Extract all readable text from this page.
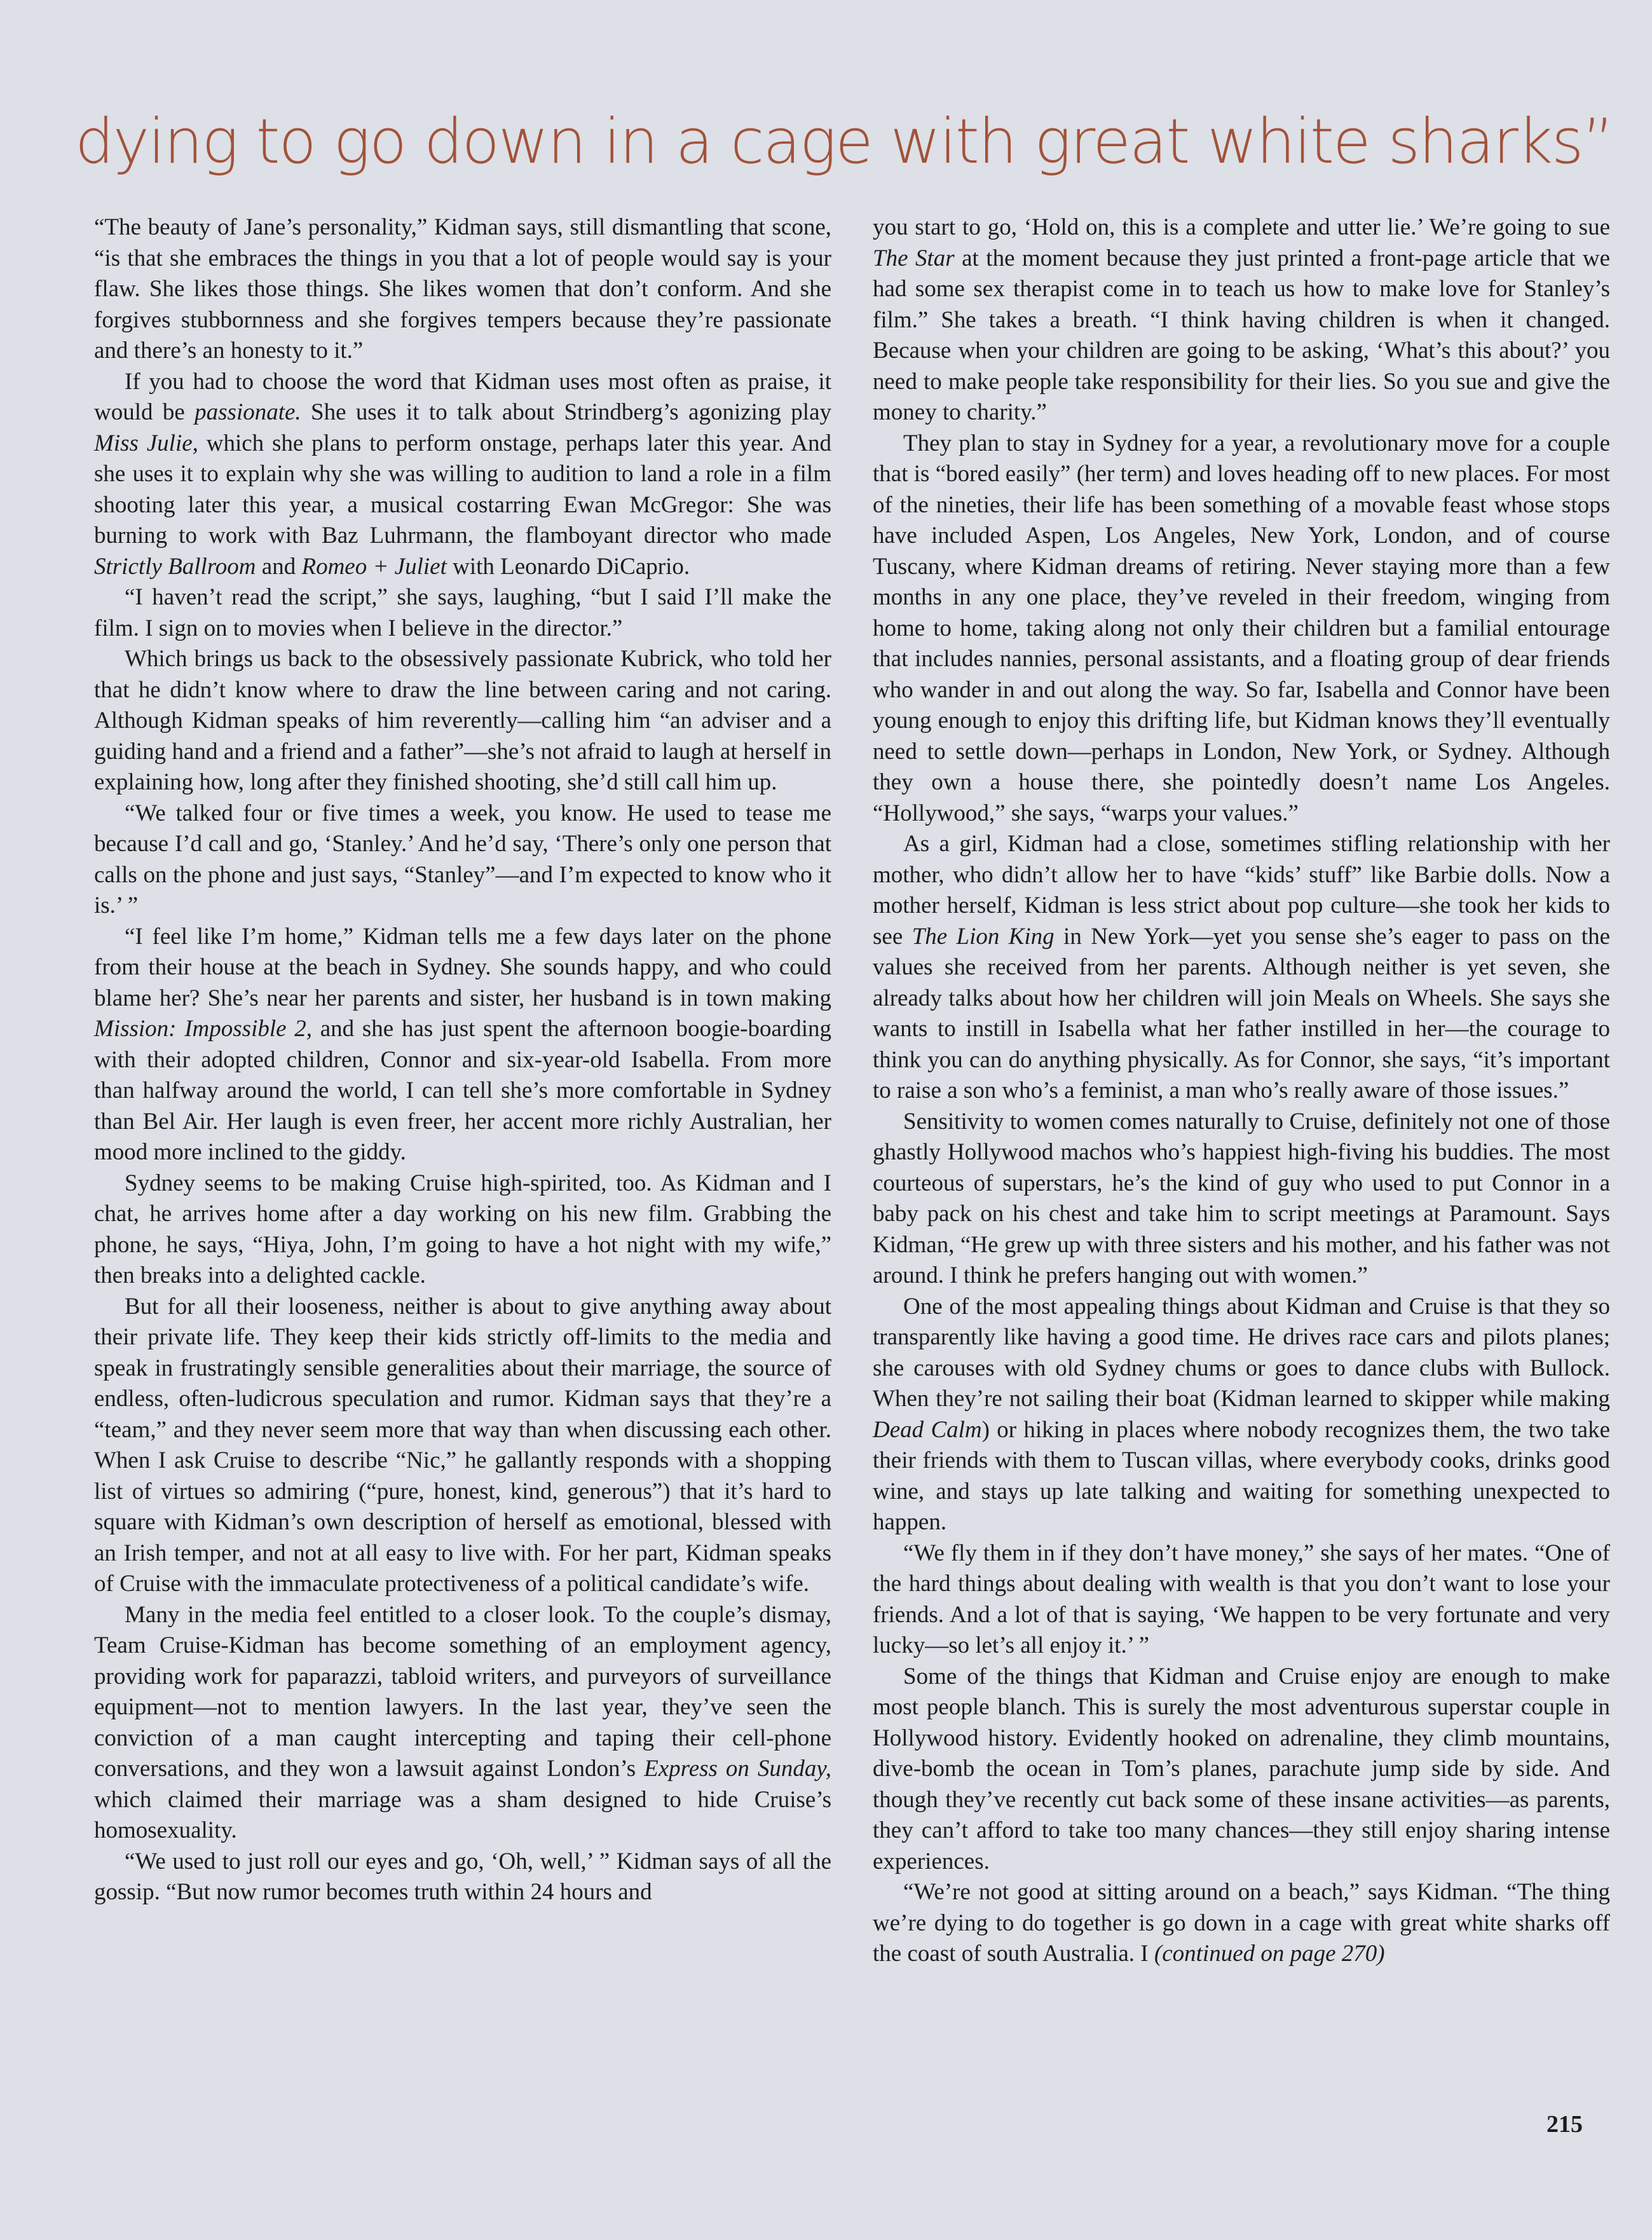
dying to go down in a cage with great white sharks”

“The beauty of Jane’s personality,” Kidman says, still dismantling that scone, “is that she embraces the things in you that a lot of people would say is your flaw. She likes those things. She likes women that don’t conform. And she forgives stubbornness and she forgives tempers because they’re passionate and there’s an honesty to it.”

If you had to choose the word that Kidman uses most often as praise, it would be passionate. She uses it to talk about Strindberg’s agonizing play Miss Julie, which she plans to perform onstage, perhaps later this year. And she uses it to explain why she was willing to audition to land a role in a film shooting later this year, a musical costarring Ewan McGregor: She was burning to work with Baz Luhrmann, the flamboyant director who made Strictly Ballroom and Romeo + Juliet with Leonardo DiCaprio.

“I haven’t read the script,” she says, laughing, “but I said I’ll make the film. I sign on to movies when I believe in the director.”

Which brings us back to the obsessively passionate Kubrick, who told her that he didn’t know where to draw the line between caring and not caring. Although Kidman speaks of him reverently—calling him “an adviser and a guiding hand and a friend and a father”—she’s not afraid to laugh at herself in explaining how, long after they finished shooting, she’d still call him up.

“We talked four or five times a week, you know. He used to tease me because I’d call and go, ‘Stanley.’ And he’d say, ‘There’s only one person that calls on the phone and just says, “Stanley”—and I’m expected to know who it is.’ ”

“I feel like I’m home,” Kidman tells me a few days later on the phone from their house at the beach in Sydney. She sounds happy, and who could blame her? She’s near her parents and sister, her husband is in town making Mission: Impossible 2, and she has just spent the afternoon boogie-boarding with their adopted children, Connor and six-year-old Isabella. From more than halfway around the world, I can tell she’s more comfortable in Sydney than Bel Air. Her laugh is even freer, her accent more richly Australian, her mood more inclined to the giddy.

Sydney seems to be making Cruise high-spirited, too. As Kidman and I chat, he arrives home after a day working on his new film. Grabbing the phone, he says, “Hiya, John, I’m going to have a hot night with my wife,” then breaks into a delighted cackle.

But for all their looseness, neither is about to give anything away about their private life. They keep their kids strictly off-limits to the media and speak in frustratingly sensible generalities about their marriage, the source of endless, often-ludicrous speculation and rumor. Kidman says that they’re a “team,” and they never seem more that way than when discussing each other. When I ask Cruise to describe “Nic,” he gallantly responds with a shopping list of virtues so admiring (“pure, honest, kind, generous”) that it’s hard to square with Kidman’s own description of herself as emotional, blessed with an Irish temper, and not at all easy to live with. For her part, Kidman speaks of Cruise with the immaculate protectiveness of a political candidate’s wife.

Many in the media feel entitled to a closer look. To the couple’s dismay, Team Cruise-Kidman has become something of an employment agency, providing work for paparazzi, tabloid writers, and purveyors of surveillance equipment—not to mention lawyers. In the last year, they’ve seen the conviction of a man caught intercepting and taping their cell-phone conversations, and they won a lawsuit against London’s Express on Sunday, which claimed their marriage was a sham designed to hide Cruise’s homosexuality.

“We used to just roll our eyes and go, ‘Oh, well,’ ” Kidman says of all the gossip. “But now rumor becomes truth within 24 hours and

you start to go, ‘Hold on, this is a complete and utter lie.’ We’re going to sue The Star at the moment because they just printed a front-page article that we had some sex therapist come in to teach us how to make love for Stanley’s film.” She takes a breath. “I think having children is when it changed. Because when your children are going to be asking, ‘What’s this about?’ you need to make people take responsibility for their lies. So you sue and give the money to charity.”

They plan to stay in Sydney for a year, a revolutionary move for a couple that is “bored easily” (her term) and loves heading off to new places. For most of the nineties, their life has been something of a movable feast whose stops have included Aspen, Los Angeles, New York, London, and of course Tuscany, where Kidman dreams of retiring. Never staying more than a few months in any one place, they’ve reveled in their freedom, winging from home to home, taking along not only their children but a familial entourage that includes nannies, personal assistants, and a floating group of dear friends who wander in and out along the way. So far, Isabella and Connor have been young enough to enjoy this drifting life, but Kidman knows they’ll eventually need to settle down—perhaps in London, New York, or Sydney. Although they own a house there, she pointedly doesn’t name Los Angeles. “Hollywood,” she says, “warps your values.”

As a girl, Kidman had a close, sometimes stifling relationship with her mother, who didn’t allow her to have “kids’ stuff” like Barbie dolls. Now a mother herself, Kidman is less strict about pop culture—she took her kids to see The Lion King in New York—yet you sense she’s eager to pass on the values she received from her parents. Although neither is yet seven, she already talks about how her children will join Meals on Wheels. She says she wants to instill in Isabella what her father instilled in her—the courage to think you can do anything physically. As for Connor, she says, “it’s important to raise a son who’s a feminist, a man who’s really aware of those issues.”

Sensitivity to women comes naturally to Cruise, definitely not one of those ghastly Hollywood machos who’s happiest high-fiving his buddies. The most courteous of superstars, he’s the kind of guy who used to put Connor in a baby pack on his chest and take him to script meetings at Paramount. Says Kidman, “He grew up with three sisters and his mother, and his father was not around. I think he prefers hanging out with women.”

One of the most appealing things about Kidman and Cruise is that they so transparently like having a good time. He drives race cars and pilots planes; she carouses with old Sydney chums or goes to dance clubs with Bullock. When they’re not sailing their boat (Kidman learned to skipper while making Dead Calm) or hiking in places where nobody recognizes them, the two take their friends with them to Tuscan villas, where everybody cooks, drinks good wine, and stays up late talking and waiting for something unexpected to happen.

“We fly them in if they don’t have money,” she says of her mates. “One of the hard things about dealing with wealth is that you don’t want to lose your friends. And a lot of that is saying, ‘We happen to be very fortunate and very lucky—so let’s all enjoy it.’ ”

Some of the things that Kidman and Cruise enjoy are enough to make most people blanch. This is surely the most adventurous superstar couple in Hollywood history. Evidently hooked on adrenaline, they climb mountains, dive-bomb the ocean in Tom’s planes, parachute jump side by side. And though they’ve recently cut back some of these insane activities—as parents, they can’t afford to take too many chances—they still enjoy sharing intense experiences.

“We’re not good at sitting around on a beach,” says Kidman. “The thing we’re dying to do together is go down in a cage with great white sharks off the coast of south Australia. I (continued on page 270)

215
